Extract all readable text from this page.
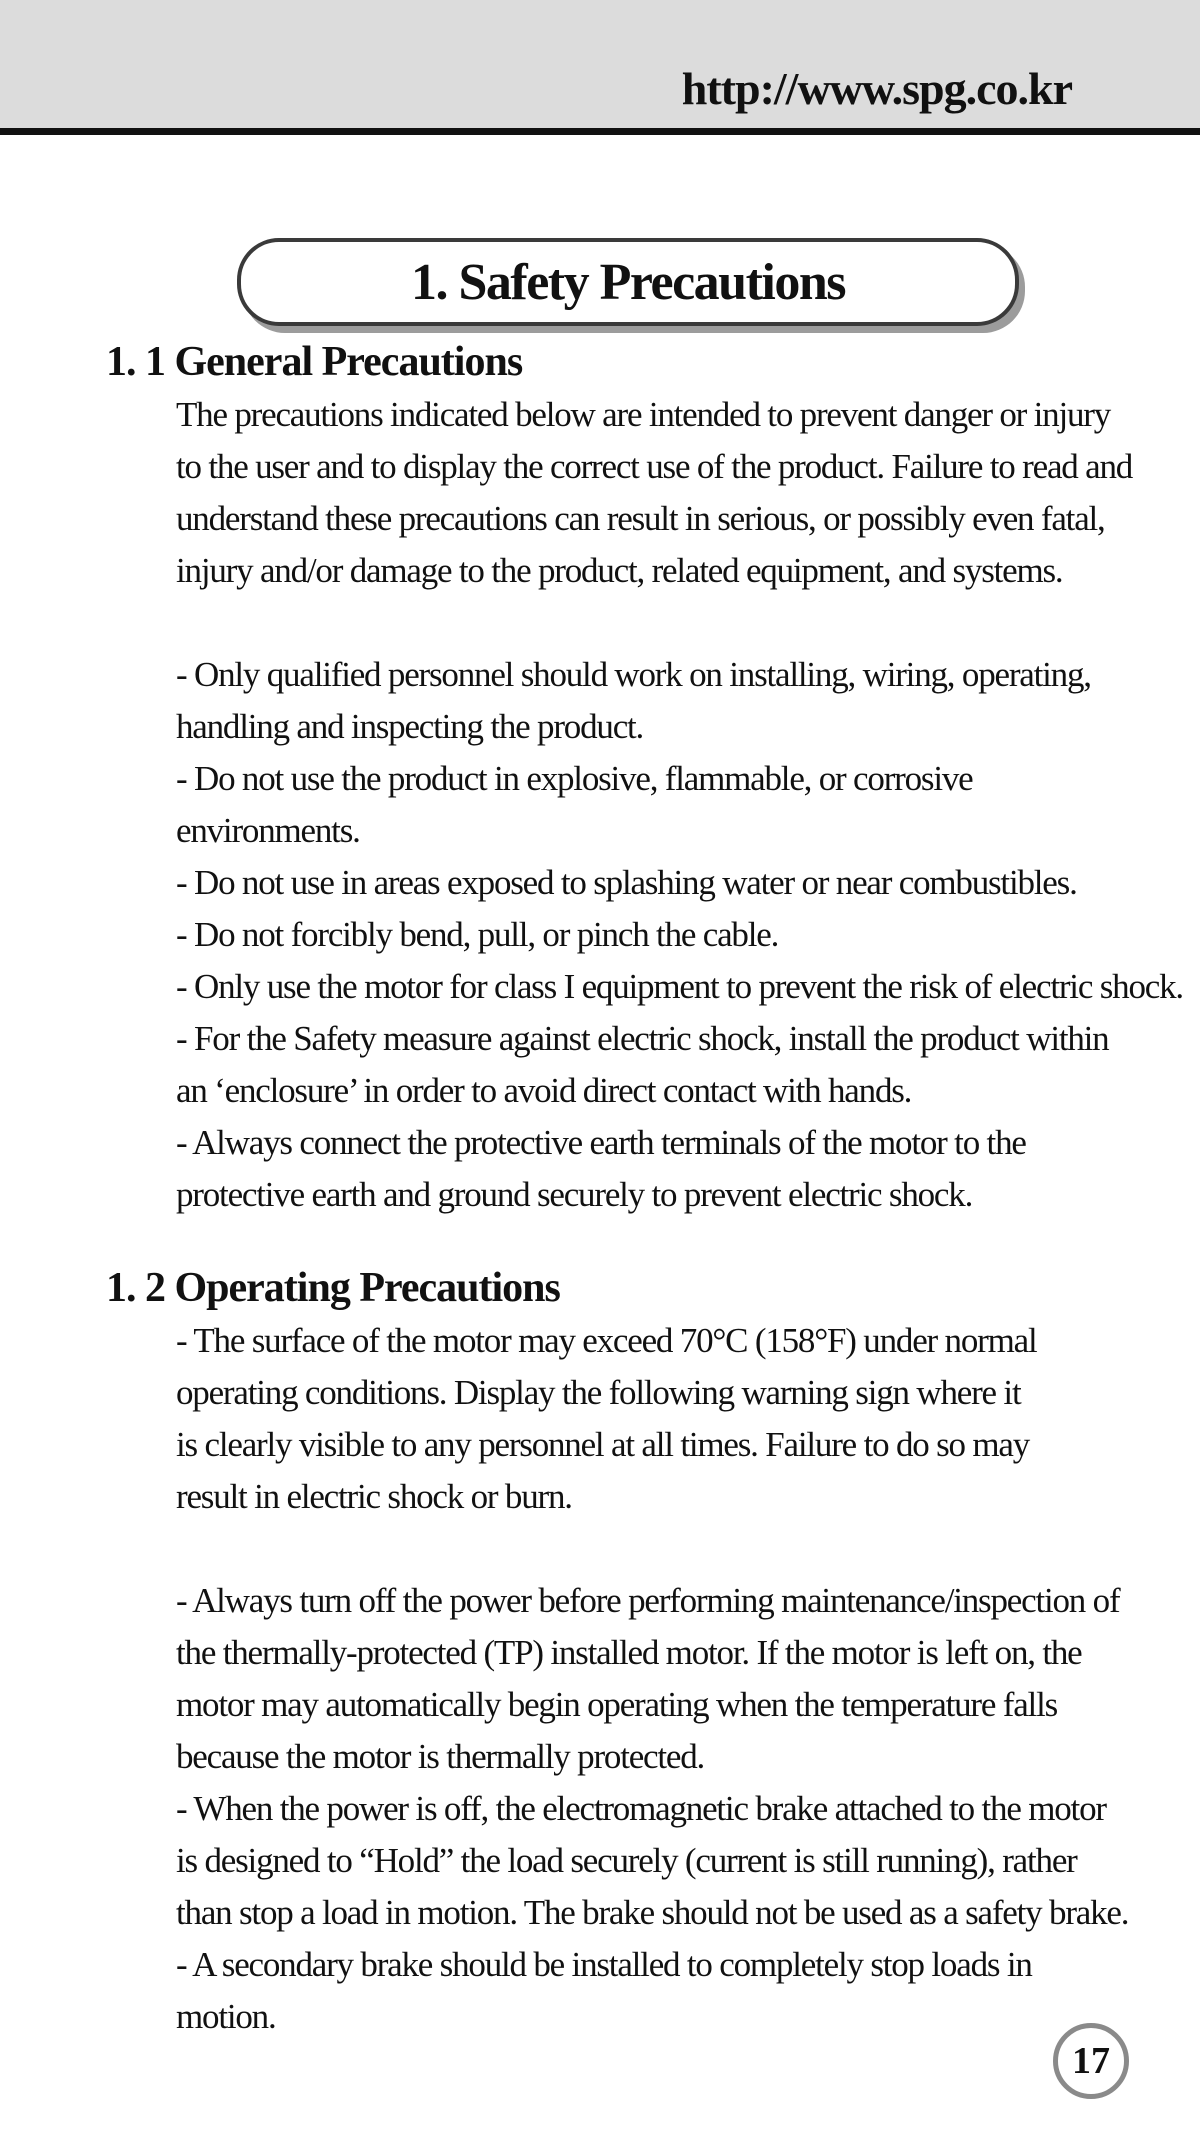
http://www.spg.co.kr
1. Safety Precautions
1. 1 General Precautions
The precautions indicated below are intended to prevent danger or injury
to the user and to display the correct use of the product. Failure to read and
understand these precautions can result in serious, or possibly even fatal,
injury and/or damage to the product, related equipment, and systems.
- Only qualified personnel should work on installing, wiring, operating,
handling and inspecting the product.
- Do not use the product in explosive, flammable, or corrosive
environments.
- Do not use in areas exposed to splashing water or near combustibles.
- Do not forcibly bend, pull, or pinch the cable.
- Only use the motor for class I equipment to prevent the risk of electric shock.
- For the Safety measure against electric shock, install the product within
an ‘enclosure’ in order to avoid direct contact with hands.
- Always connect the protective earth terminals of the motor to the
protective earth and ground securely to prevent electric shock.
1. 2 Operating Precautions
- The surface of the motor may exceed 70°C (158°F) under normal
operating conditions. Display the following warning sign where it
is clearly visible to any personnel at all times. Failure to do so may
result in electric shock or burn.
- Always turn off the power before performing maintenance/inspection of
the thermally-protected (TP) installed motor. If the motor is left on, the
motor may automatically begin operating when the temperature falls
because the motor is thermally protected.
- When the power is off, the electromagnetic brake attached to the motor
is designed to “Hold” the load securely (current is still running), rather
than stop a load in motion. The brake should not be used as a safety brake.
- A secondary brake should be installed to completely stop loads in
motion.
17
